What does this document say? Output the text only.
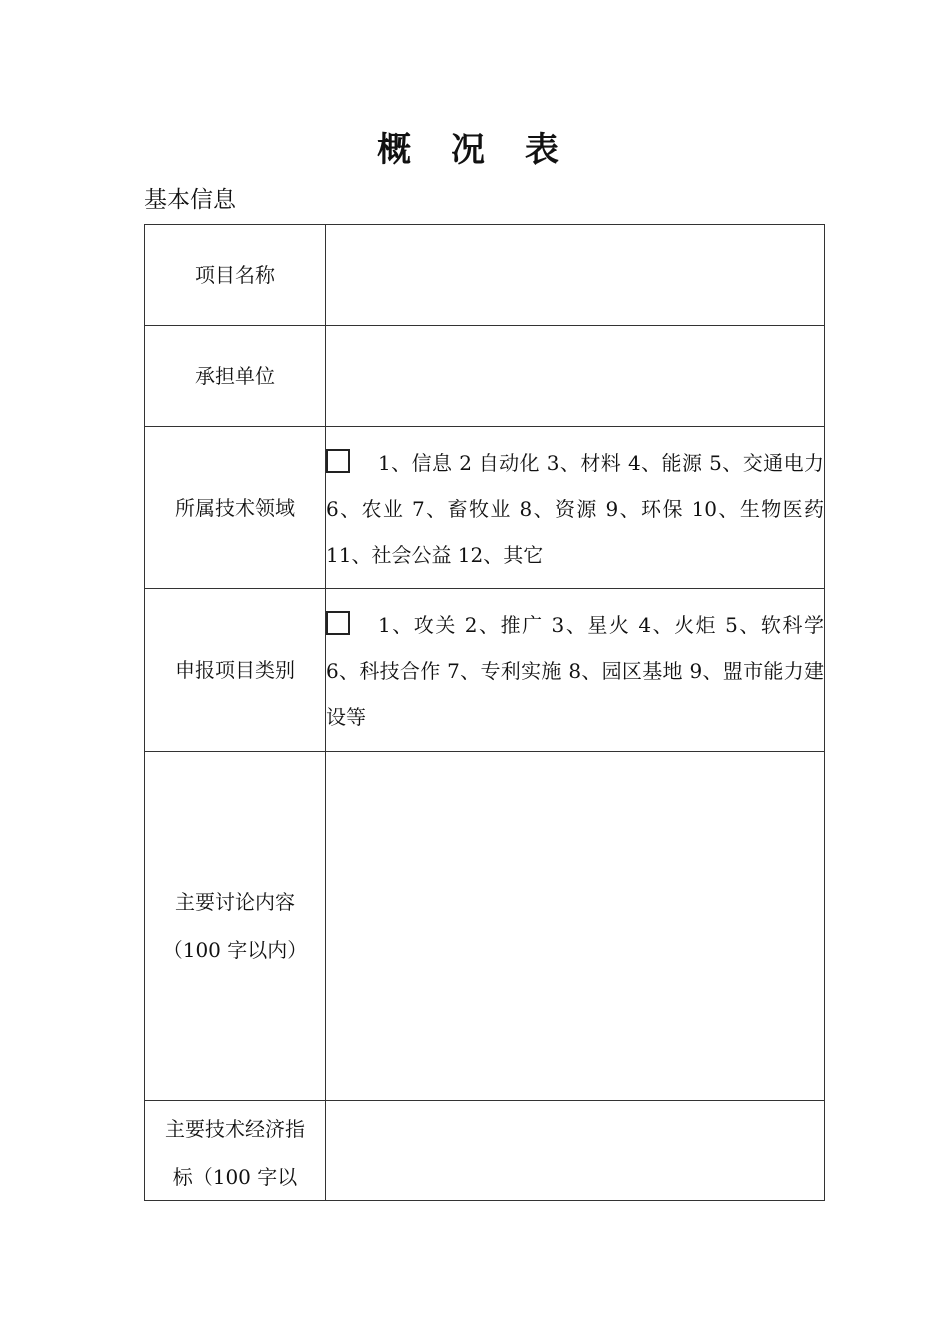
概 况 表
基本信息
项目名称	
承担单位	
所属技术领域	1、信息 2 自动化 3、材料 4、能源 5、交通电力 6、农业 7、畜牧业 8、资源 9、环保 10、生物医药 11、社会公益 12、其它

申报项目类别	1、攻关 2、推广 3、星火 4、火炬 5、软科学 6、科技合作 7、专利实施 8、园区基地 9、盟市能力建设等

主要讨论内容
（100 字以内）	

主要技术经济指
标（100 字以	
